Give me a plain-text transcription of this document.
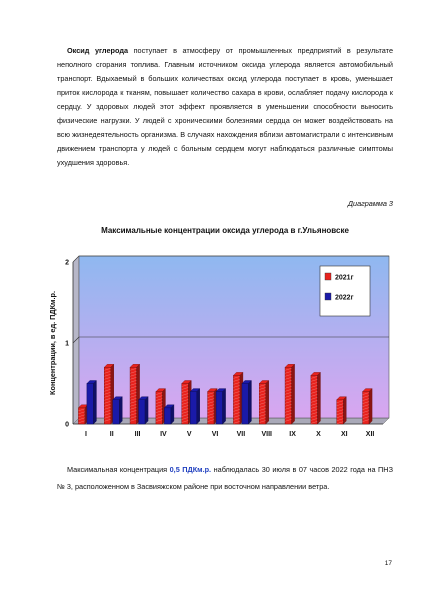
Оксид углерода поступает в атмосферу от промышленных предприятий в результате неполного сгорания топлива. Главным источником оксида углерода является автомобильный транспорт. Вдыхаемый в больших количествах оксид углерода поступает в кровь, уменьшает приток кислорода к тканям, повышает количество сахара в крови, ослабляет подачу кислорода к сердцу. У здоровых людей этот эффект проявляется в уменьшении способности выносить физические нагрузки. У людей с хроническими болезнями сердца он может воздействовать на всю жизнедеятельность организма. В случаях нахождения вблизи автомагистрали с интенсивным движением транспорта у людей с больным сердцем могут наблюдаться различные симптомы ухудшения здоровья.

Диаграмма 3
Максимальные концентрации оксида углерода в г.Ульяновске
0
1
2
Концентрации, в ед. ПДКм.р.
I	II	III	IV	V	VI	VII VIII IX	X	XI	XII
2021г
2022г

Максимальная концентрация 0,5 ПДКм.р. наблюдалась 30 июля в 07 часов 2022 года на ПНЗ № 3, расположенном в Засвияжском районе при восточном направлении ветра.

17
